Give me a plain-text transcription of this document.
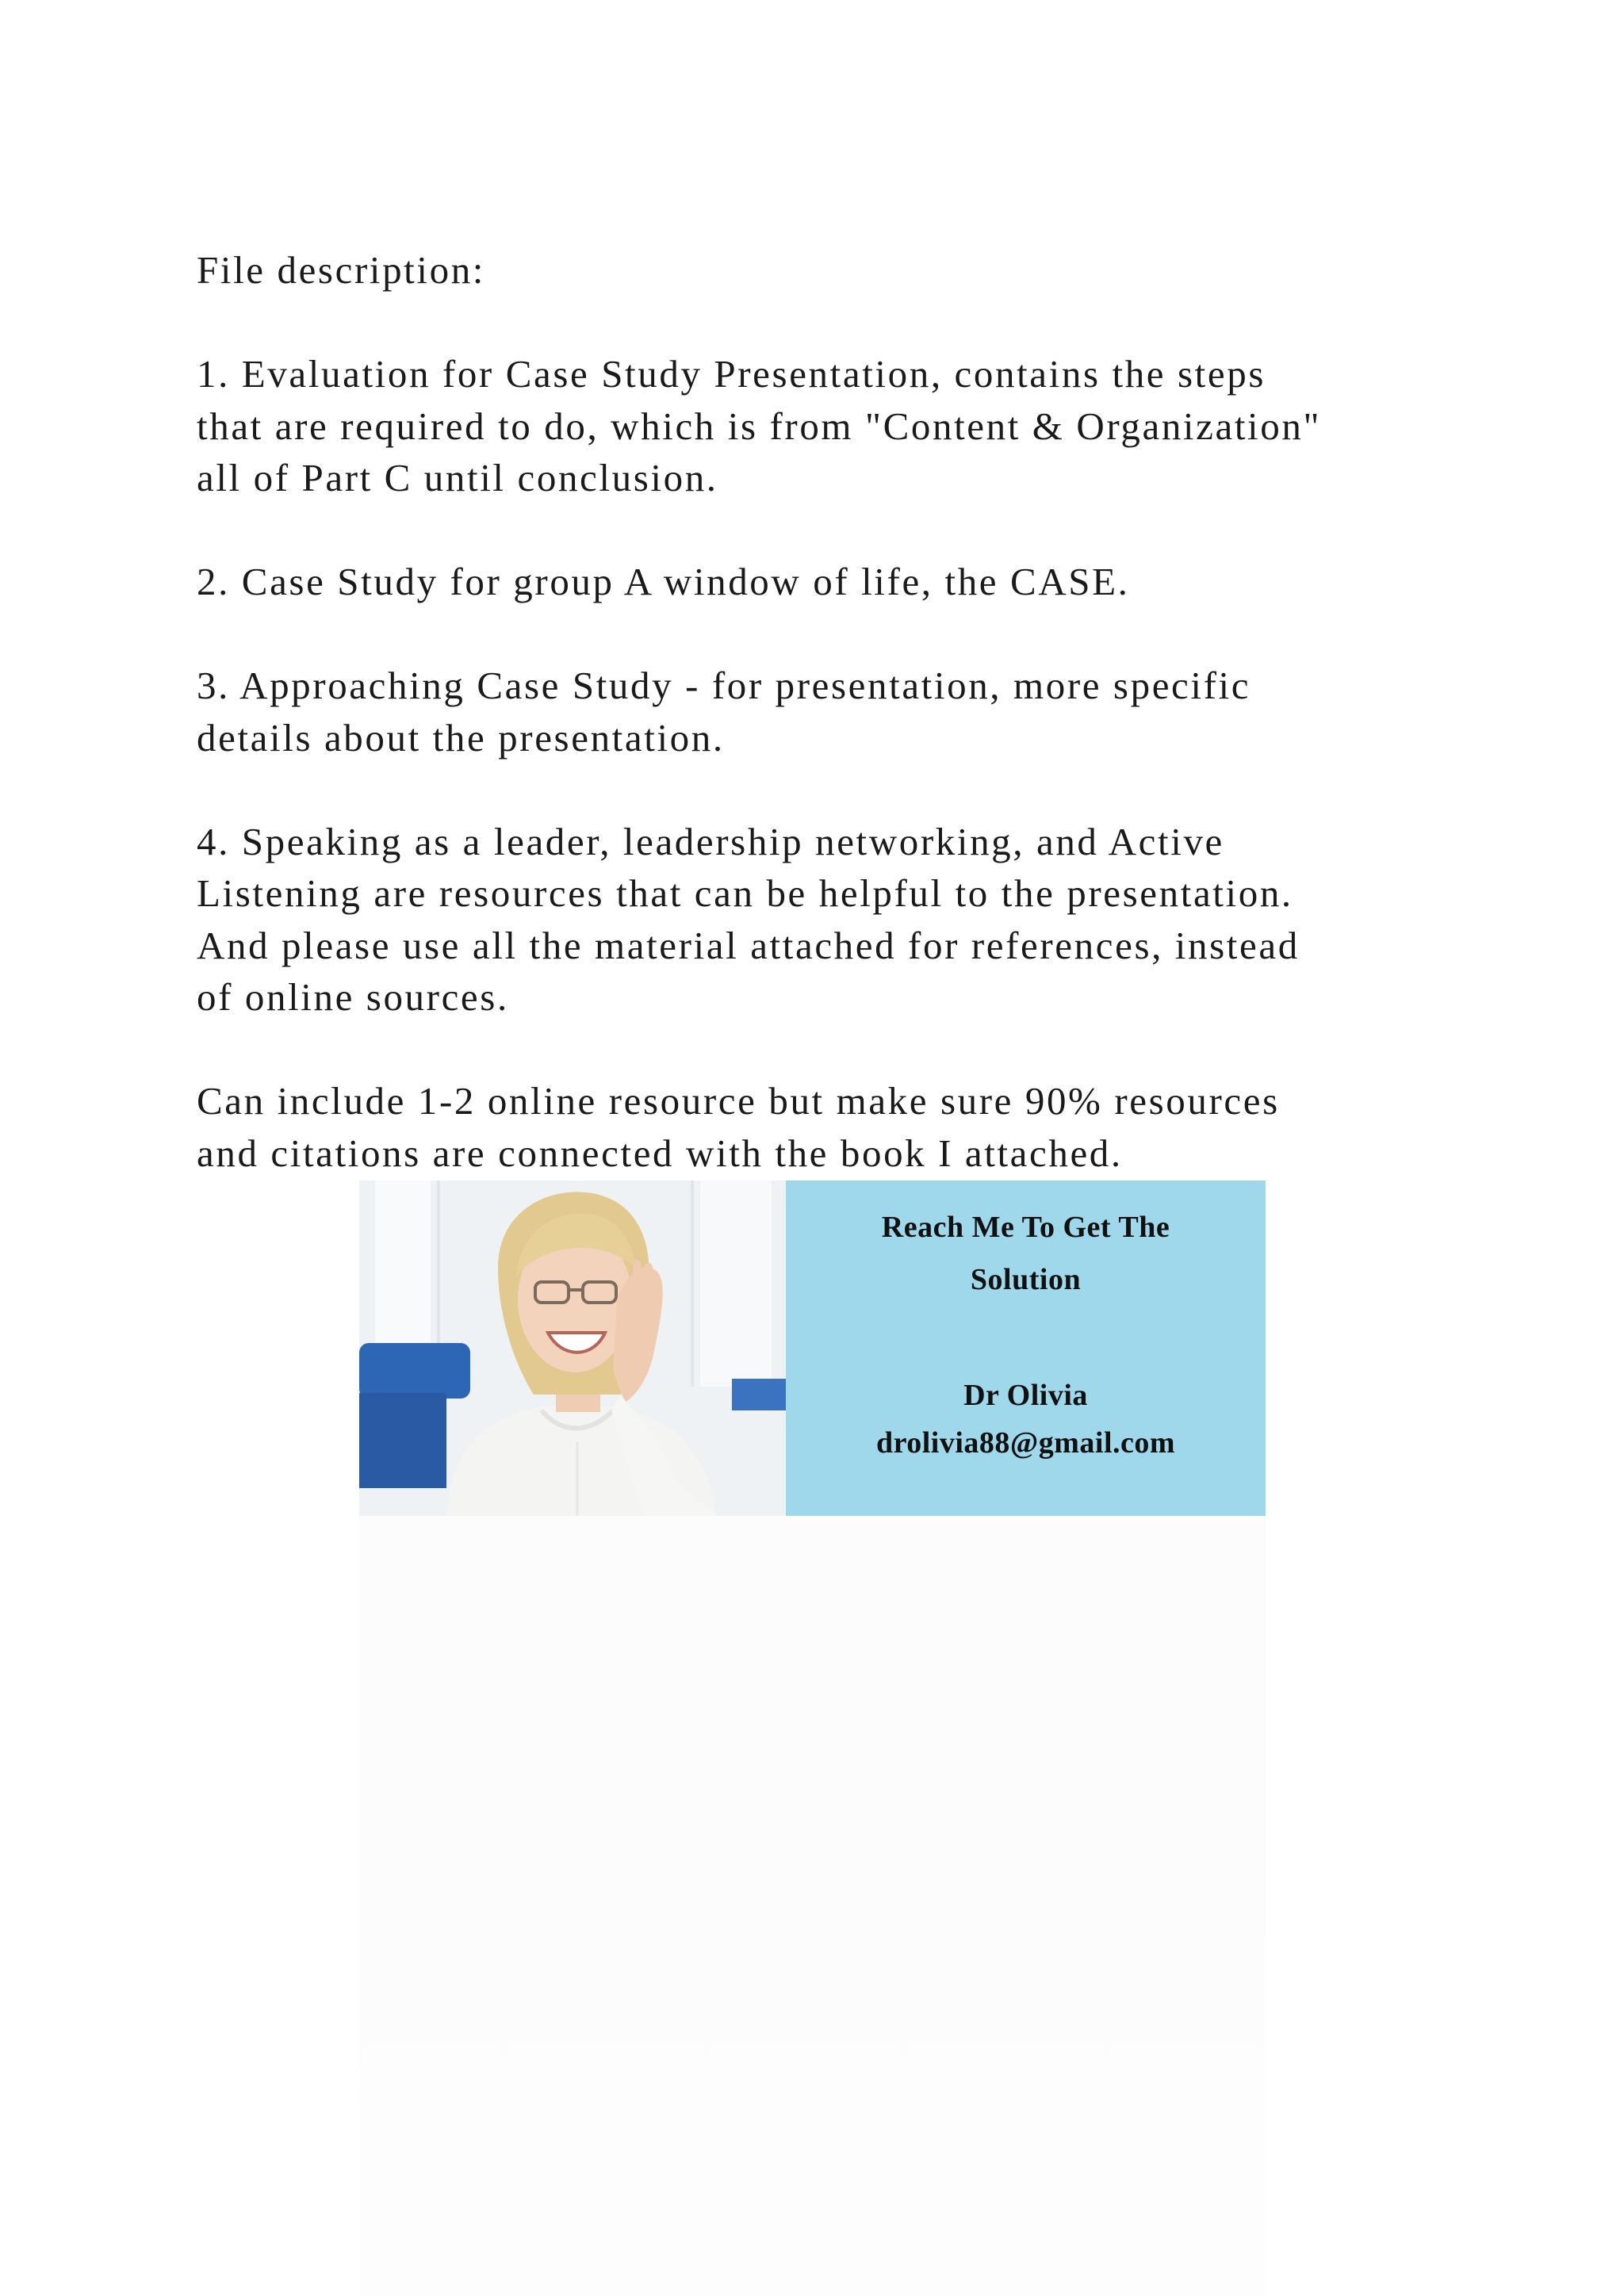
File description:
1. Evaluation for Case Study Presentation, contains the steps
that are required to do, which is from "Content & Organization"
all of Part C until conclusion.
2. Case Study for group A window of life, the CASE.
3. Approaching Case Study - for presentation, more specific
details about the presentation.
4. Speaking as a leader, leadership networking, and Active
Listening are resources that can be helpful to the presentation.
And please use all the material attached for references, instead
of online sources.
Can include 1-2 online resource but make sure 90% resources
and citations are connected with the book I attached.
Reach Me To Get The
Solution
Dr Olivia
drolivia88@gmail.com
